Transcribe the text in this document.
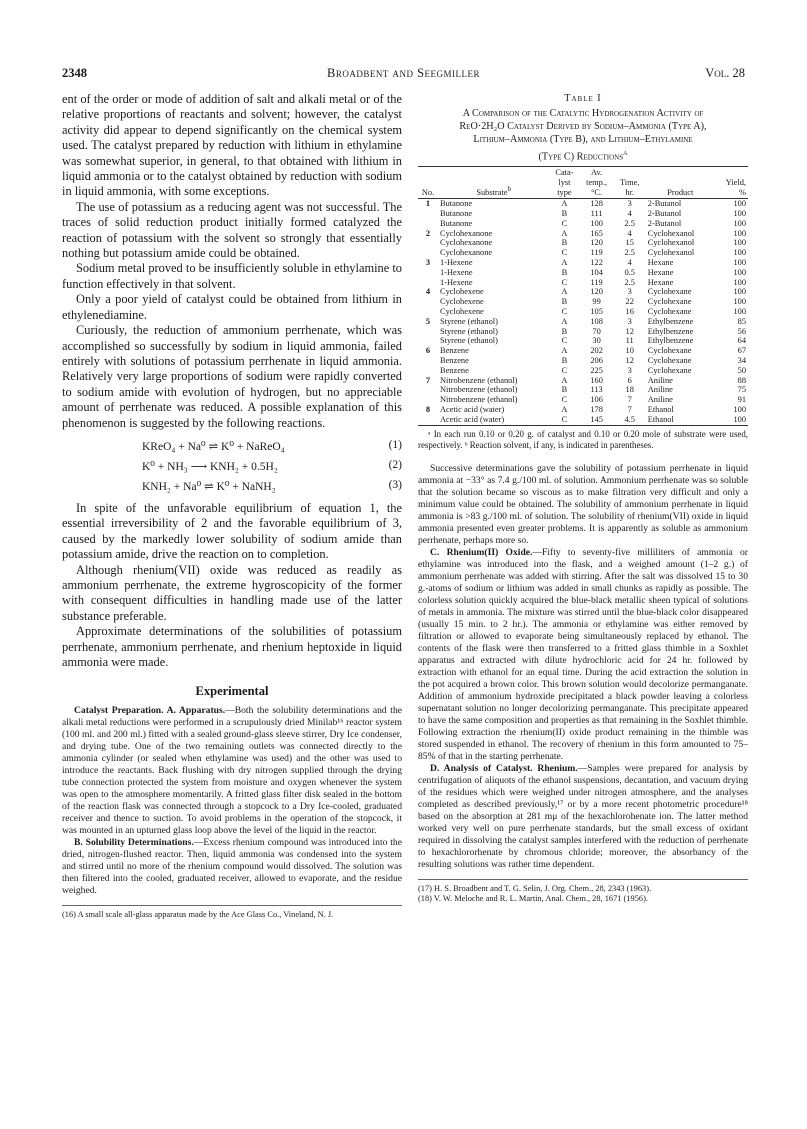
2348	Broadbent and Seegmiller	Vol. 28

ent of the order or mode of addition of salt and alkali metal or of the relative proportions of reactants and solvent; however, the catalyst activity did appear to depend significantly on the chemical system used. The catalyst prepared by reduction with lithium in ethylamine was somewhat superior, in general, to that obtained with lithium in liquid ammonia or to the catalyst obtained by reduction with sodium in liquid ammonia, with some exceptions.

The use of potassium as a reducing agent was not successful. The traces of solid reduction product initially formed catalyzed the reaction of potassium with the solvent so strongly that essentially nothing but potassium amide could be obtained.

Sodium metal proved to be insufficiently soluble in ethylamine to function effectively in that solvent.

Only a poor yield of catalyst could be obtained from lithium in ethylenediamine.

Curiously, the reduction of ammonium perrhenate, which was accomplished so successfully by sodium in liquid ammonia, failed entirely with solutions of potassium perrhenate in liquid ammonia. Relatively very large proportions of sodium were rapidly converted to sodium amide with evolution of hydrogen, but no appreciable amount of perrhenate was reduced. A possible explanation of this phenomenon is suggested by the following reactions.

KReO₄ + Na⁰ ⇌ K⁰ + NaReO₄	(1)
K⁰ + NH₃ ⟶ KNH₂ + 0.5H₂	(2)
KNH₂ + Na⁰ ⇌ K⁰ + NaNH₂	(3)

In spite of the unfavorable equilibrium of equation 1, the essential irreversibility of 2 and the favorable equilibrium of 3, caused by the markedly lower solubility of sodium amide than potassium amide, drive the reaction on to completion.

Although rhenium(VII) oxide was reduced as readily as ammonium perrhenate, the extreme hygroscopicity of the former with consequent difficulties in handling made use of the latter substance preferable.

Approximate determinations of the solubilities of potassium perrhenate, ammonium perrhenate, and rhenium heptoxide in liquid ammonia were made.

Experimental

Catalyst Preparation. A. Apparatus.—Both the solubility determinations and the alkali metal reductions were performed in a scrupulously dried Minilab¹⁶ reactor system (100 ml. and 200 ml.) fitted with a sealed ground-glass sleeve stirrer, Dry Ice condenser, and drying tube. One of the two remaining outlets was connected directly to the ammonia cylinder (or sealed when ethylamine was used) and the other was used to introduce the reactants. Back flushing with dry nitrogen supplied through the drying tube connection protected the system from moisture and oxygen whenever the system was open to the atmosphere momentarily. A fritted glass filter disk sealed in the bottom of the reaction flask was connected through a stopcock to a Dry Ice-cooled, graduated receiver and thence to suction. To avoid problems in the operation of the stopcock, it was mounted in an upturned glass loop above the level of the liquid in the reactor.

B. Solubility Determinations.—Excess rhenium compound was introduced into the dried, nitrogen-flushed reactor. Then, liquid ammonia was condensed into the system and stirred until no more of the rhenium compound would dissolved. The solution was then filtered into the cooled, graduated receiver, allowed to evaporate, and the residue weighed.

(16) A small scale all-glass apparatus made by the Ace Glass Co., Vineland, N. J.

Table I
A Comparison of the Catalytic Hydrogenation Activity of
ReO·2H₂O Catalyst Derived by Sodium–Ammonia (Type A),
Lithium–Ammonia (Type B), and Lithium–Ethylamine
(Type C) Reductions$^a$
No.	Substrate$^b$	Cata-
lyst
type	Av.
temp.,
°C.	Time,
hr.	Product	Yield,
%
1	Butanone	A	128	3	2-Butanol	100
	Butanone	B	111	4	2-Butanol	100
	Butanone	C	100	2.5	2-Butanol	100
2	Cyclohexanone	A	165	4	Cyclohexanol	100
	Cyclohexanone	B	120	15	Cyclohexanol	100
	Cyclohexanone	C	119	2.5	Cyclohexanol	100
3	1-Hexene	A	122	4	Hexane	100
	1-Hexene	B	104	0.5	Hexane	100
	1-Hexene	C	119	2.5	Hexane	100
4	Cyclohexene	A	120	3	Cyclohexane	100
	Cyclohexene	B	99	22	Cyclohexane	100
	Cyclohexene	C	105	16	Cyclohexane	100
5	Styrene (ethanol)	A	108	3	Ethylbenzene	85
	Styrene (ethanol)	B	70	12	Ethylbenzene	56
	Styrene (ethanol)	C	30	11	Ethylbenzene	64
6	Benzene	A	202	10	Cyclohexane	67
	Benzene	B	206	12	Cyclohexane	34
	Benzene	C	225	3	Cyclohexane	50
7	Nitrobenzene (ethanol)	A	160	6	Aniline	88
	Nitrobenzene (ethanol)	B	113	18	Aniline	75
	Nitrobenzene (ethanol)	C	106	7	Aniline	91
8	Acetic acid (water)	A	178	7	Ethanol	100
	Acetic acid (water)	C	145	4.5	Ethanol	100

ᵃ In each run 0.10 or 0.20 g. of catalyst and 0.10 or 0.20 mole of substrate were used, respectively. ᵇ Reaction solvent, if any, is indicated in parentheses.

Successive determinations gave the solubility of potassium perrhenate in liquid ammonia at −33° as 7.4 g./100 ml. of solution. Ammonium perrhenate was so soluble that the solution became so viscous as to make filtration very difficult and only a minimum value could be obtained. The solubility of ammonium perrhenate in liquid ammonia is >83 g./100 ml. of solution. The solubility of rhenium(VII) oxide in liquid ammonia presented even greater problems. It is apparently as soluble as ammonium perrhenate, perhaps more so.

C. Rhenium(II) Oxide.—Fifty to seventy-five milliliters of ammonia or ethylamine was introduced into the flask, and a weighed amount (1–2 g.) of ammonium perrhenate was added with stirring. After the salt was dissolved 15 to 30 g.-atoms of sodium or lithium was added in small chunks as rapidly as possible. The colorless solution quickly acquired the blue-black metallic sheen typical of solutions of metals in ammonia. The mixture was stirred until the blue-black color disappeared (usually 15 min. to 2 hr.). The ammonia or ethylamine was either removed by filtration or allowed to evaporate being simultaneously replaced by ethanol. The contents of the flask were then transferred to a fritted glass thimble in a Soxhlet apparatus and extracted with dilute hydrochloric acid for 24 hr. followed by extraction with ethanol for an equal time. During the acid extraction the solution in the pot acquired a brown color. This brown solution would decolorize permanganate. Addition of ammonium hydroxide precipitated a black powder leaving a colorless supernatant solution no longer decolorizing permanganate. This precipitate appeared to have the same composition and properties as that remaining in the Soxhlet thimble. Following extraction the rhenium(II) oxide product remaining in the thimble was stored suspended in ethanol. The recovery of rhenium in this form amounted to 75–85% of that in the starting perrhenate.

D. Analysis of Catalyst. Rhenium.—Samples were prepared for analysis by centrifugation of aliquots of the ethanol suspensions, decantation, and vacuum drying of the residues which were weighed under nitrogen atmosphere, and the analyses completed as described previously,¹⁷ or by a more recent photometric procedure¹⁸ based on the absorption at 281 mμ of the hexachlorohenate ion. The latter method worked very well on pure perrhenate standards, but the small excess of oxidant required in dissolving the catalyst samples interfered with the reduction of perrhenate to hexachlororhenate by chromous chloride; moreover, the absorbancy of the resulting solutions was rather time dependent.

(17) H. S. Broadbent and T. G. Selin, J. Org. Chem., 28, 2343 (1963).

(18) V. W. Meloche and R. L. Martin, Anal. Chem., 28, 1671 (1956).
